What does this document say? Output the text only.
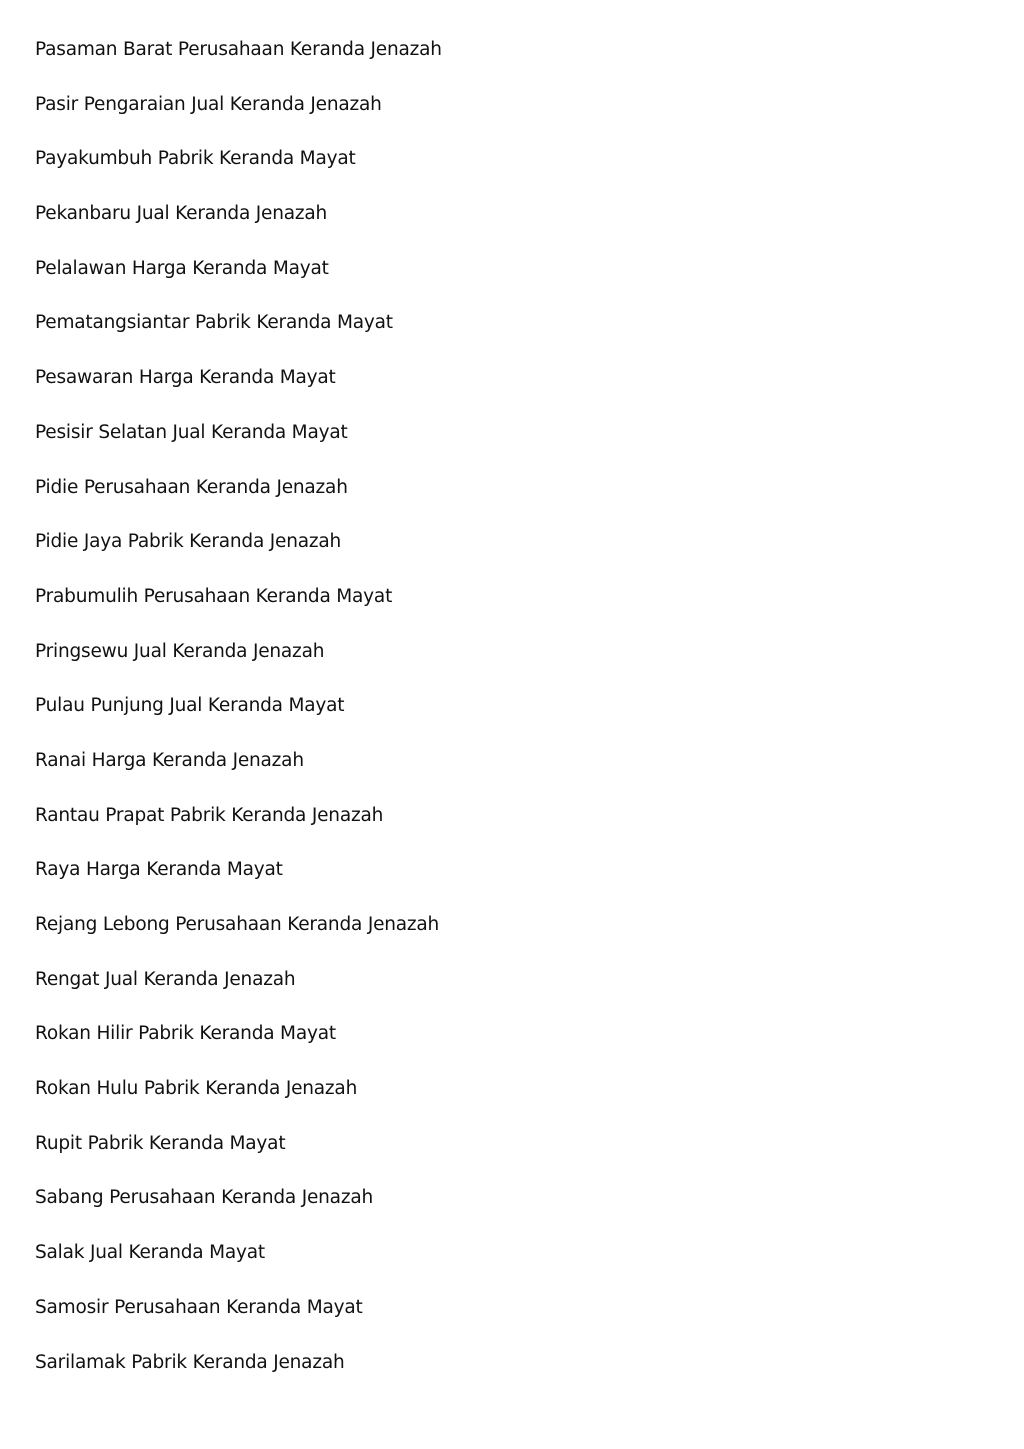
Pasaman Barat Perusahaan Keranda Jenazah
Pasir Pengaraian Jual Keranda Jenazah
Payakumbuh Pabrik Keranda Mayat
Pekanbaru Jual Keranda Jenazah
Pelalawan Harga Keranda Mayat
Pematangsiantar Pabrik Keranda Mayat
Pesawaran Harga Keranda Mayat
Pesisir Selatan Jual Keranda Mayat
Pidie Perusahaan Keranda Jenazah
Pidie Jaya Pabrik Keranda Jenazah
Prabumulih Perusahaan Keranda Mayat
Pringsewu Jual Keranda Jenazah
Pulau Punjung Jual Keranda Mayat
Ranai Harga Keranda Jenazah
Rantau Prapat Pabrik Keranda Jenazah
Raya Harga Keranda Mayat
Rejang Lebong Perusahaan Keranda Jenazah
Rengat Jual Keranda Jenazah
Rokan Hilir Pabrik Keranda Mayat
Rokan Hulu Pabrik Keranda Jenazah
Rupit Pabrik Keranda Mayat
Sabang Perusahaan Keranda Jenazah
Salak Jual Keranda Mayat
Samosir Perusahaan Keranda Mayat
Sarilamak Pabrik Keranda Jenazah
